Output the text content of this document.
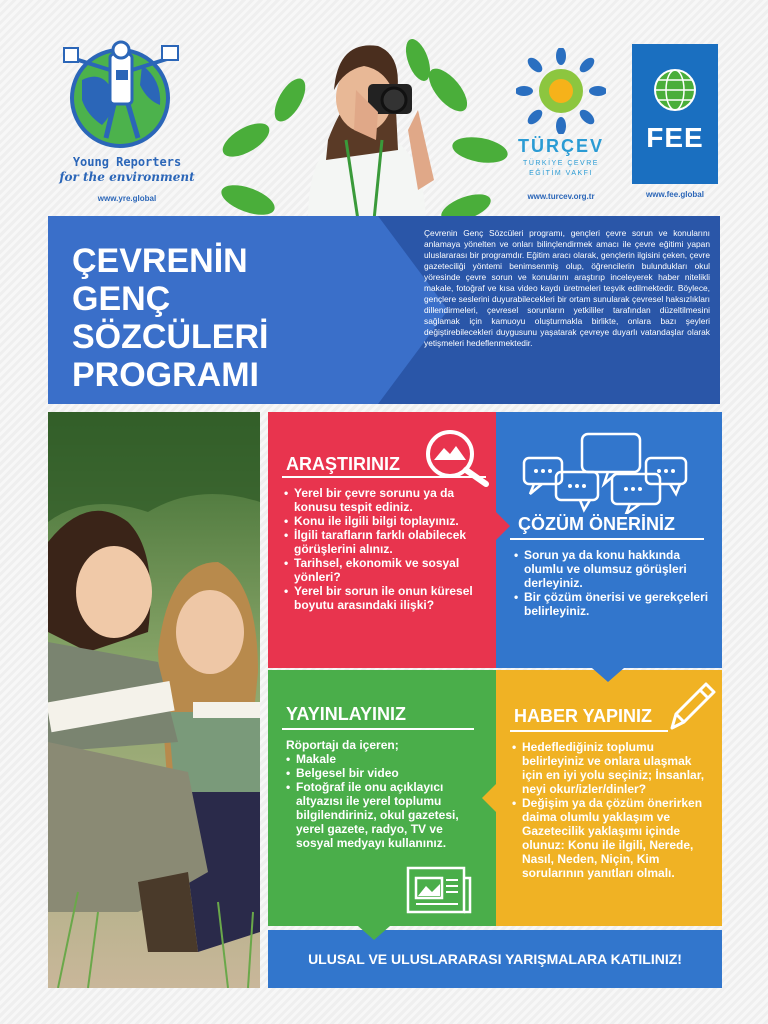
Young Reporters
for the environment
www.yre.global
TÜRÇEV
TÜRKİYE ÇEVRE
EĞİTİM VAKFI
www.turcev.org.tr
FEE
www.fee.global
ÇEVRENİN
GENÇ
SÖZCÜLERİ
PROGRAMI
Çevrenin Genç Sözcüleri programı, gençleri çevre sorun ve konularını anlamaya yönelten ve onları bilinçlendirmek amacı ile çevre eğitimi yapan uluslararası bir programdır. Eğitim aracı olarak, gençlerin ilgisini çeken, çevre gazeteciliği yöntemi benimsenmiş olup, öğrencilerin bulundukları okul yöresinde çevre sorun ve konularını araştırıp inceleyerek haber nitelikli makale, fotoğraf ve kısa video kaydı üretmeleri teşvik edilmektedir. Böylece, gençlere seslerini duyurabilecekleri bir ortam sunularak çevresel haksızlıkları dillendirmeleri, çevresel sorunların yetkililer tarafından düzeltilmesini sağlamak için kamuoyu oluşturmakla birlikte, onlara bazı şeyleri değiştirebilecekleri duygusunu yaşatarak çevreye duyarlı vatandaşlar olarak yetişmeleri hedeflenmektedir.
ARAŞTIRINIZ
• Yerel bir çevre sorunu ya da konusu tespit ediniz.
• Konu ile ilgili bilgi toplayınız.
• İlgili tarafların farklı olabilecek görüşlerini alınız.
• Tarihsel, ekonomik ve sosyal yönleri?
• Yerel bir sorun ile onun küresel boyutu arasındaki ilişki?
ÇÖZÜM ÖNERİNİZ
• Sorun ya da konu hakkında olumlu ve olumsuz görüşleri derleyiniz.
• Bir çözüm önerisi ve gerekçeleri belirleyiniz.
YAYINLAYINIZ
Röportajı da içeren;
• Makale
• Belgesel bir video
• Fotoğraf ile onu açıklayıcı altyazısı ile yerel toplumu bilgilendiriniz, okul gazetesi, yerel gazete, radyo, TV ve sosyal medyayı kullanınız.
HABER YAPINIZ
• Hedeflediğiniz toplumu belirleyiniz ve onlara ulaşmak için en iyi yolu seçiniz; İnsanlar, neyi okur/izler/dinler?
• Değişim ya da çözüm önerirken daima olumlu yaklaşım ve Gazetecilik yaklaşımı içinde olunuz: Konu ile ilgili, Nerede, Nasıl, Neden, Niçin, Kim sorularının yanıtları olmalı.
ULUSAL VE ULUSLARARASI YARIŞMALARA KATILINIZ!
